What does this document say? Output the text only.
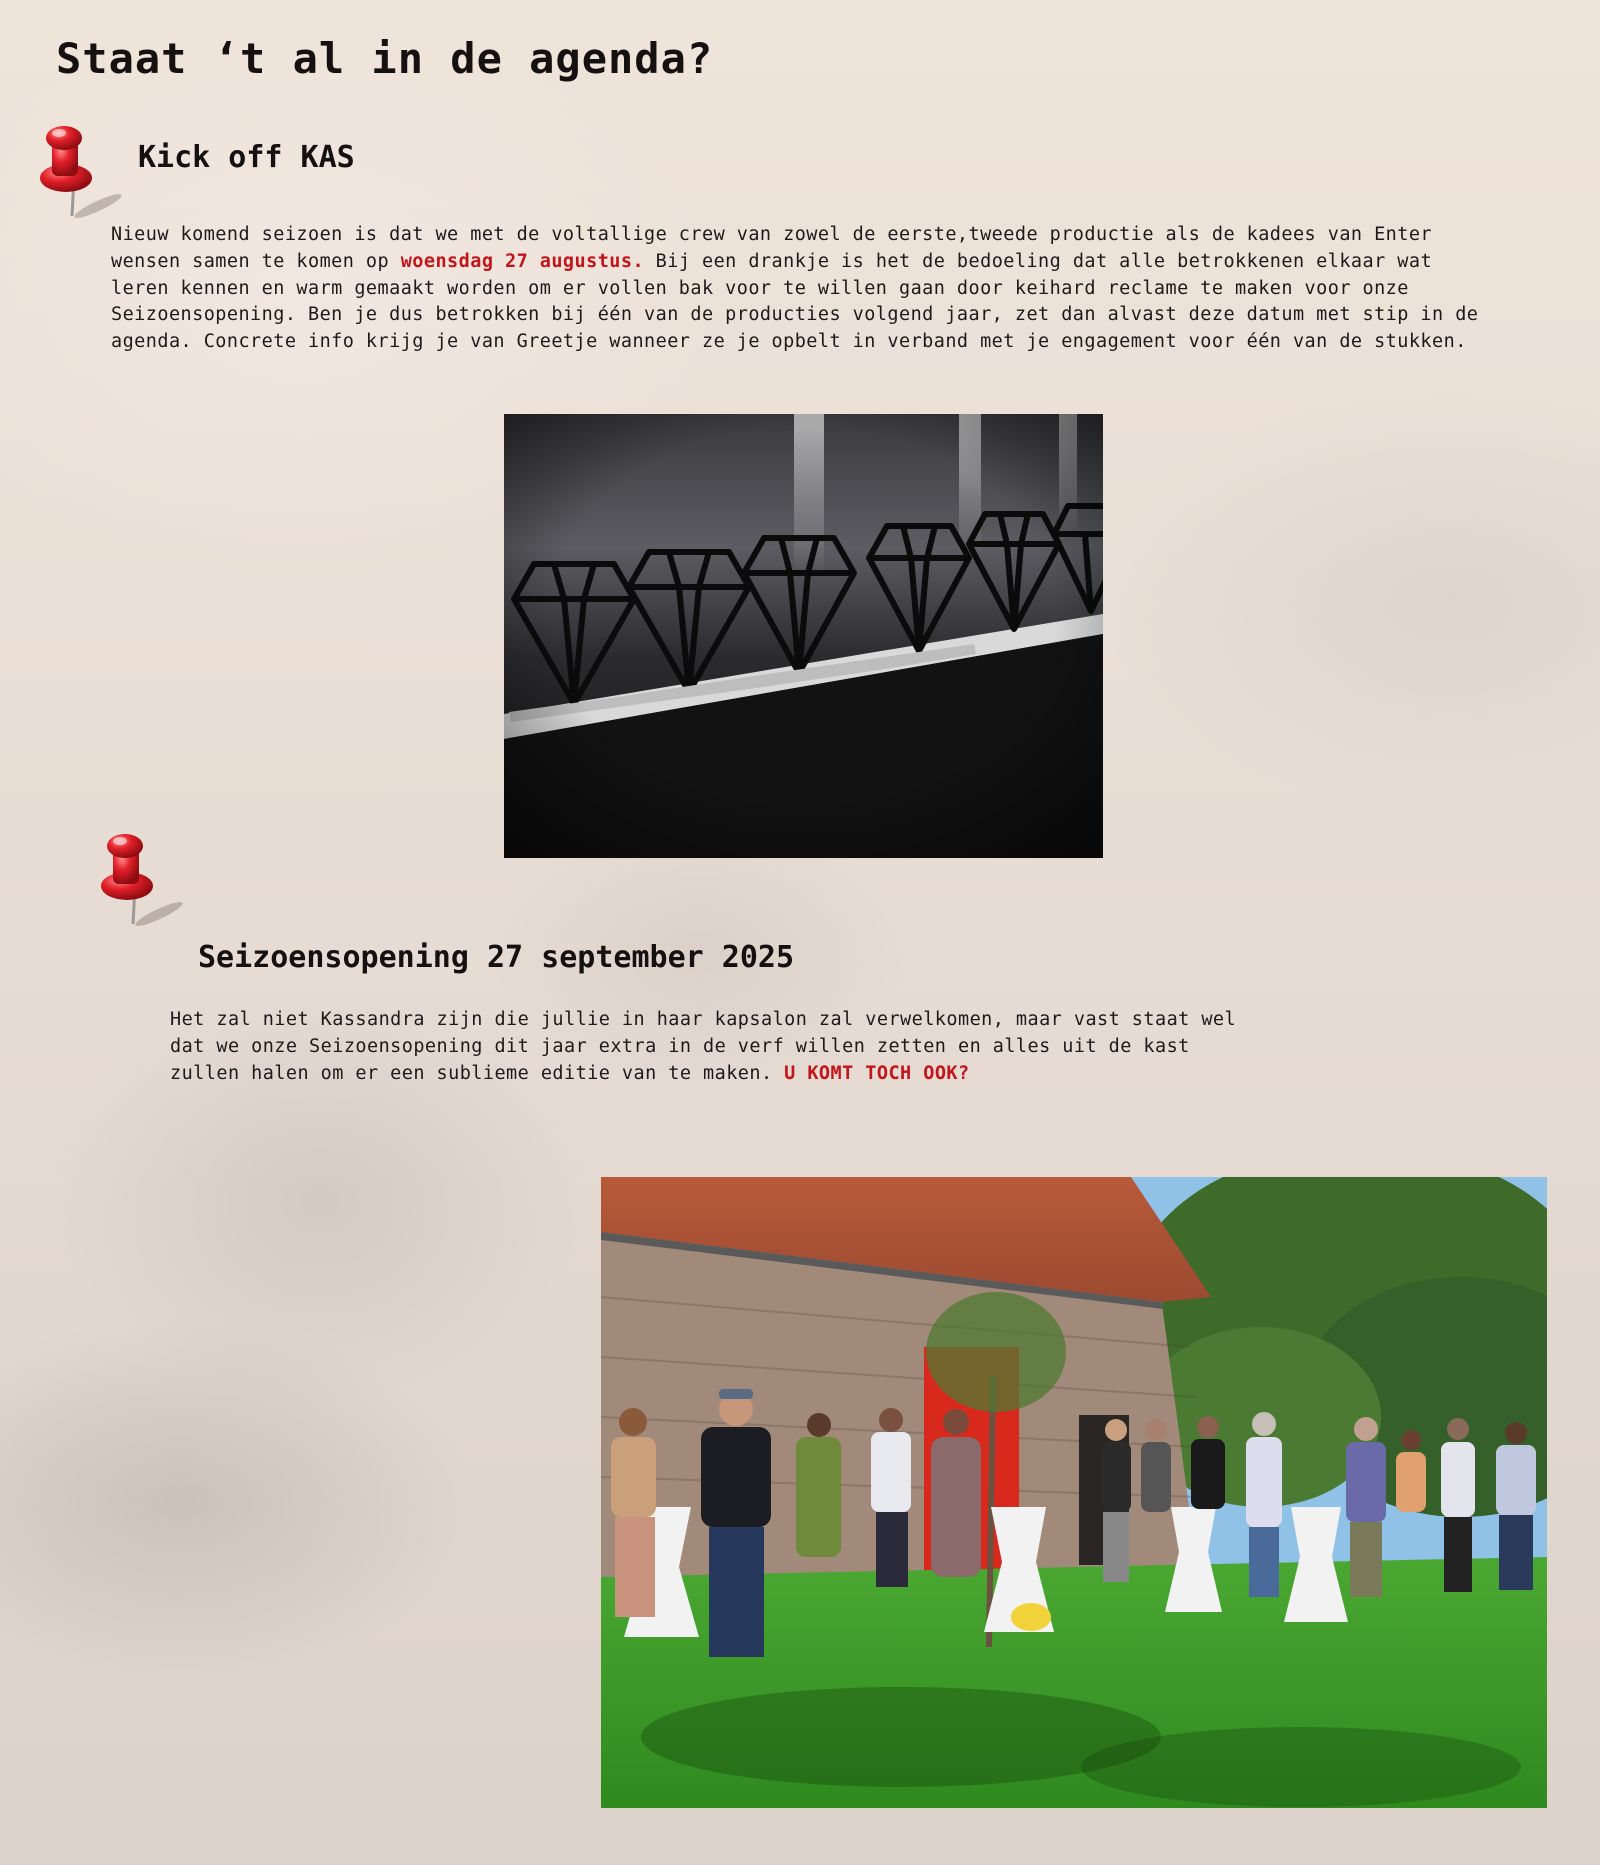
Staat ‘t al in de agenda?
Kick off KAS

Nieuw komend seizoen is dat we met de voltallige crew van zowel de eerste,tweede productie als de kadees van Enter wensen samen te komen op woensdag 27 augustus. Bij een drankje is het de bedoeling dat alle betrokkenen elkaar wat leren kennen en warm gemaakt worden om er vollen bak voor te willen gaan door keihard reclame te maken voor onze Seizoensopening. Ben je dus betrokken bij één van de producties volgend jaar, zet dan alvast deze datum met stip in de agenda. Concrete info krijg je van Greetje wanneer ze je opbelt in verband met je engagement voor één van de stukken.

Seizoensopening 27 september 2025

Het zal niet Kassandra zijn die jullie in haar kapsalon zal verwelkomen, maar vast staat wel dat we onze Seizoensopening dit jaar extra in de verf willen zetten en alles uit de kast zullen halen om er een sublieme editie van te maken. U KOMT TOCH OOK?
